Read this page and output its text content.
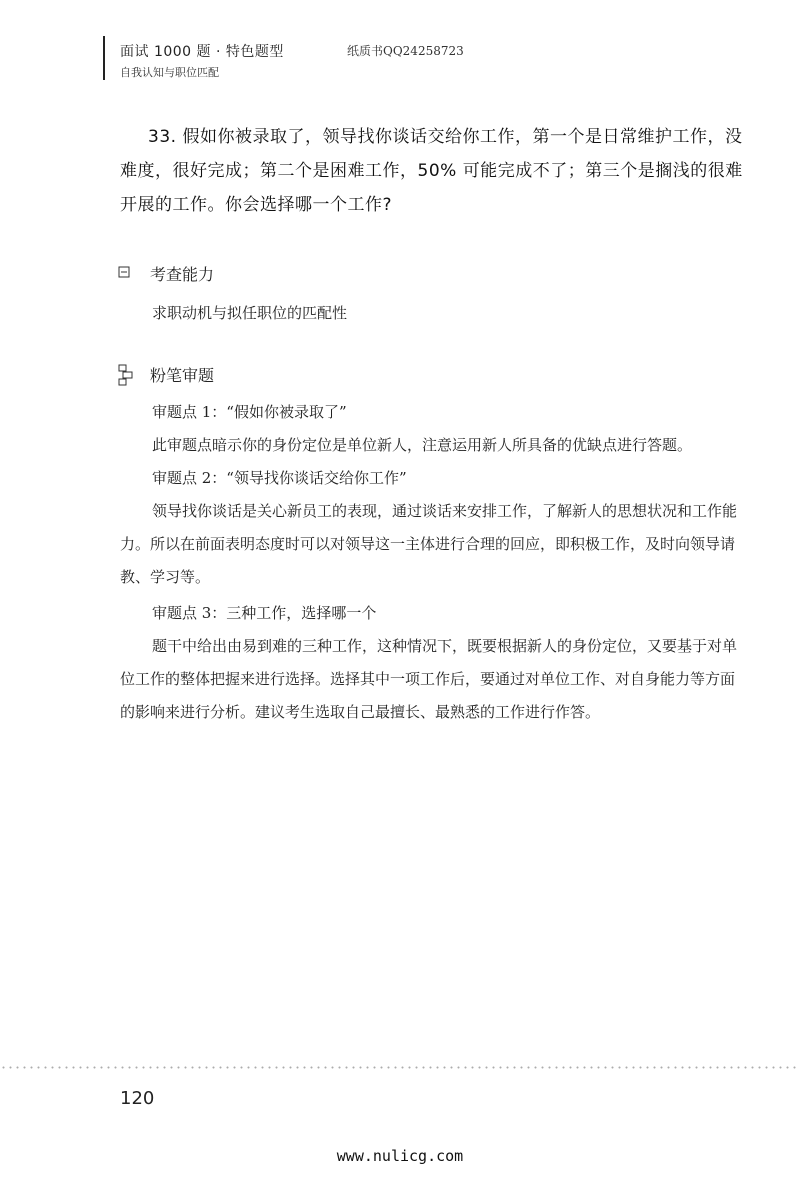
面试 1000 题 · 特色题型
自我认知与职位匹配
纸质书QQ24258723
33. 假如你被录取了，领导找你谈话交给你工作，第一个是日常维护工作，没难度，很好完成；第二个是困难工作，50% 可能完成不了；第三个是搁浅的很难开展的工作。你会选择哪一个工作?
考查能力
求职动机与拟任职位的匹配性
粉笔审题
审题点 1：“假如你被录取了”
此审题点暗示你的身份定位是单位新人，注意运用新人所具备的优缺点进行答题。
审题点 2：“领导找你谈话交给你工作”
领导找你谈话是关心新员工的表现，通过谈话来安排工作，了解新人的思想状况和工作能力。所以在前面表明态度时可以对领导这一主体进行合理的回应，即积极工作，及时向领导请教、学习等。
审题点 3：三种工作，选择哪一个
题干中给出由易到难的三种工作，这种情况下，既要根据新人的身份定位，又要基于对单位工作的整体把握来进行选择。选择其中一项工作后，要通过对单位工作、对自身能力等方面的影响来进行分析。建议考生选取自己最擅长、最熟悉的工作进行作答。
120
www.nulicg.com
